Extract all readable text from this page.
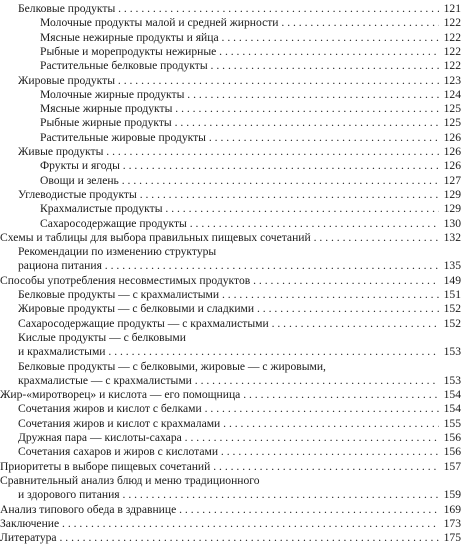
Белковые продукты . . .	121
Молочные продукты малой и средней жирности . . .	122
Мясные нежирные продукты и яйца . . .	122
Рыбные и морепродукты нежирные . . .	122
Растительные белковые продукты . . .	122
Жировые продукты . . .	123
Молочные жирные продукты . . .	124
Мясные жирные продукты . . .	125
Рыбные жирные продукты . . .	125
Растительные жировые продукты . . .	126
Живые продукты . . .	126
Фрукты и ягоды . . .	126
Овощи и зелень . . .	127
Углеводистые продукты . . .	129
Крахмалистые продукты . . .	129
Сахаросодержащие продукты . . .	130
Схемы и таблицы для выбора правильных пищевых сочетаний . . .	132
Рекомендации по изменению структуры
рациона питания . . .	135
Способы употребления несовместимых продуктов . . .	149
Белковые продукты — с крахмалистыми . . .	151
Жировые продукты — с белковыми и сладкими . . .	152
Сахаросодержащие продукты — с крахмалистыми . . .	152
Кислые продукты — с белковыми
и крахмалистыми . . .	153
Белковые продукты — с белковыми, жировые — с жировыми,
крахмалистые — с крахмалистыми . . .	153
Жир-«миротворец» и кислота — его помощница . . .	154
Сочетания жиров и кислот с белками . . .	154
Сочетания жиров и кислот с крахмалами . . .	155
Дружная пара — кислоты-сахара . . .	156
Сочетания сахаров и жиров с кислотами . . .	156
Приоритеты в выборе пищевых сочетаний . . .	157
Сравнительный анализ блюд и меню традиционного
и здорового питания . . .	159
Анализ типового обеда в здравнице . . .	169
Заключение . . .	173
Литература . . .	175
